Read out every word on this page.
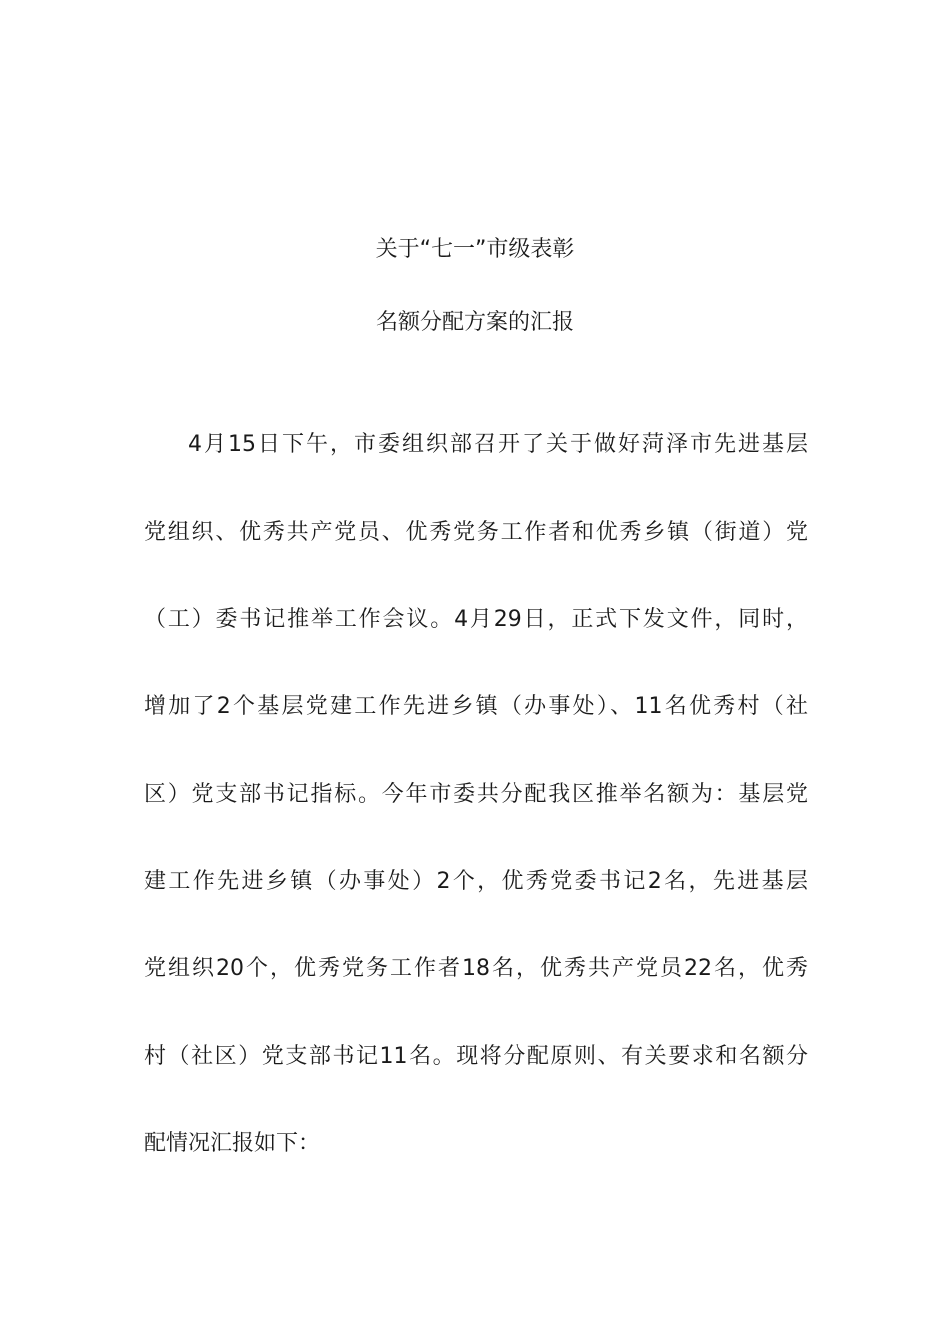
关于“七一”市级表彰
名额分配方案的汇报
4月15日下午，市委组织部召开了关于做好菏泽市先进基层
党组织、优秀共产党员、优秀党务工作者和优秀乡镇（街道）党
（工）委书记推举工作会议。4月29日，正式下发文件，同时，
增加了2个基层党建工作先进乡镇（办事处）、11名优秀村（社
区）党支部书记指标。今年市委共分配我区推举名额为：基层党
建工作先进乡镇（办事处）2个，优秀党委书记2名，先进基层
党组织20个，优秀党务工作者18名，优秀共产党员22名，优秀
村（社区）党支部书记11名。现将分配原则、有关要求和名额分
配情况汇报如下：
